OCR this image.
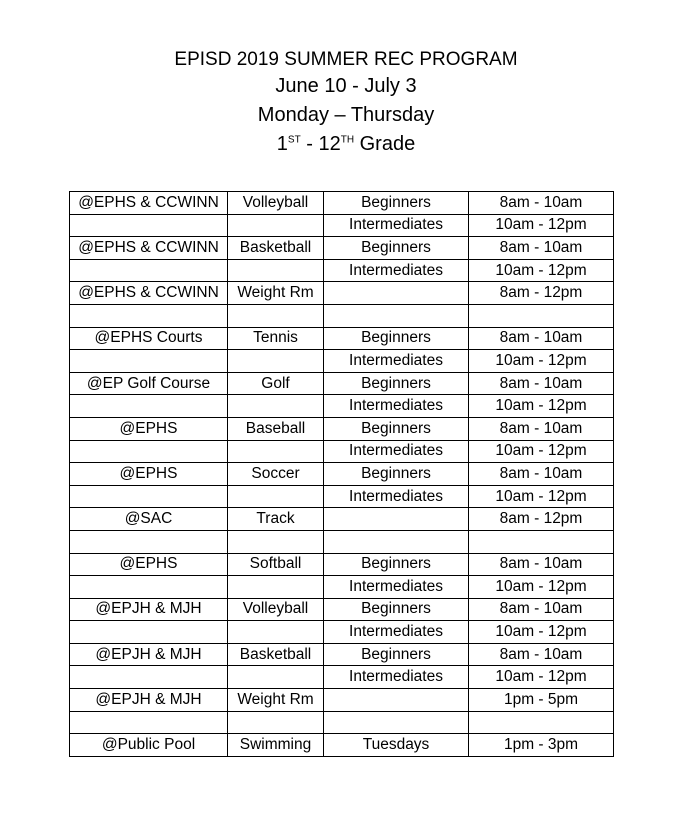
EPISD 2019 SUMMER REC PROGRAM

June 10 - July 3

Monday – Thursday

1ST - 12TH Grade

@EPHS & CCWINN	Volleyball	Beginners	8am - 10am
		Intermediates	10am - 12pm
@EPHS & CCWINN	Basketball	Beginners	8am - 10am
		Intermediates	10am - 12pm
@EPHS & CCWINN	Weight Rm		8am - 12pm

@EPHS Courts	Tennis	Beginners	8am - 10am
		Intermediates	10am - 12pm
@EP Golf Course	Golf	Beginners	8am - 10am
		Intermediates	10am - 12pm
@EPHS	Baseball	Beginners	8am - 10am
		Intermediates	10am - 12pm
@EPHS	Soccer	Beginners	8am - 10am
		Intermediates	10am - 12pm
@SAC	Track		8am - 12pm

@EPHS	Softball	Beginners	8am - 10am
		Intermediates	10am - 12pm
@EPJH & MJH	Volleyball	Beginners	8am - 10am
		Intermediates	10am - 12pm
@EPJH & MJH	Basketball	Beginners	8am - 10am
		Intermediates	10am - 12pm
@EPJH & MJH	Weight Rm		1pm - 5pm

@Public Pool	Swimming	Tuesdays	1pm - 3pm
